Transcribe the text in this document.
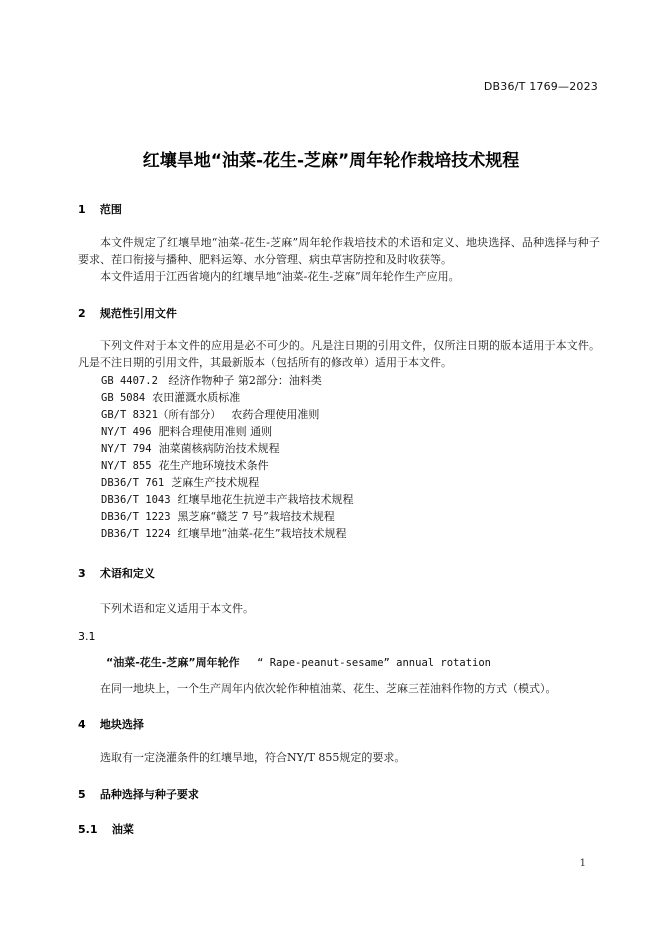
DB36/T 1769—2023
红壤旱地“油菜-花生-芝麻”周年轮作栽培技术规程
1 范围
本文件规定了红壤旱地“油菜-花生-芝麻”周年轮作栽培技术的术语和定义、地块选择、品种选择与种子要求、茬口衔接与播种、肥料运筹、水分管理、病虫草害防控和及时收获等。
本文件适用于江西省境内的红壤旱地“油菜-花生-芝麻”周年轮作生产应用。
2 规范性引用文件
下列文件对于本文件的应用是必不可少的。凡是注日期的引用文件，仅所注日期的版本适用于本文件。凡是不注日期的引用文件，其最新版本（包括所有的修改单）适用于本文件。
GB 4407.2 经济作物种子 第2部分：油料类
GB 5084 农田灌溉水质标准
GB/T 8321（所有部分） 农药合理使用准则
NY/T 496 肥料合理使用准则 通则
NY/T 794 油菜菌核病防治技术规程
NY/T 855 花生产地环境技术条件
DB36/T 761 芝麻生产技术规程
DB36/T 1043 红壤旱地花生抗逆丰产栽培技术规程
DB36/T 1223 黑芝麻“赣芝 7 号”栽培技术规程
DB36/T 1224 红壤旱地“油菜-花生”栽培技术规程
3 术语和定义
下列术语和定义适用于本文件。
3.1
“油菜-花生-芝麻”周年轮作 “ Rape-peanut-sesame” annual rotation
在同一地块上，一个生产周年内依次轮作种植油菜、花生、芝麻三茬油料作物的方式（模式）。
4 地块选择
选取有一定浇灌条件的红壤旱地，符合NY/T 855规定的要求。
5 品种选择与种子要求
5.1 油菜
1
